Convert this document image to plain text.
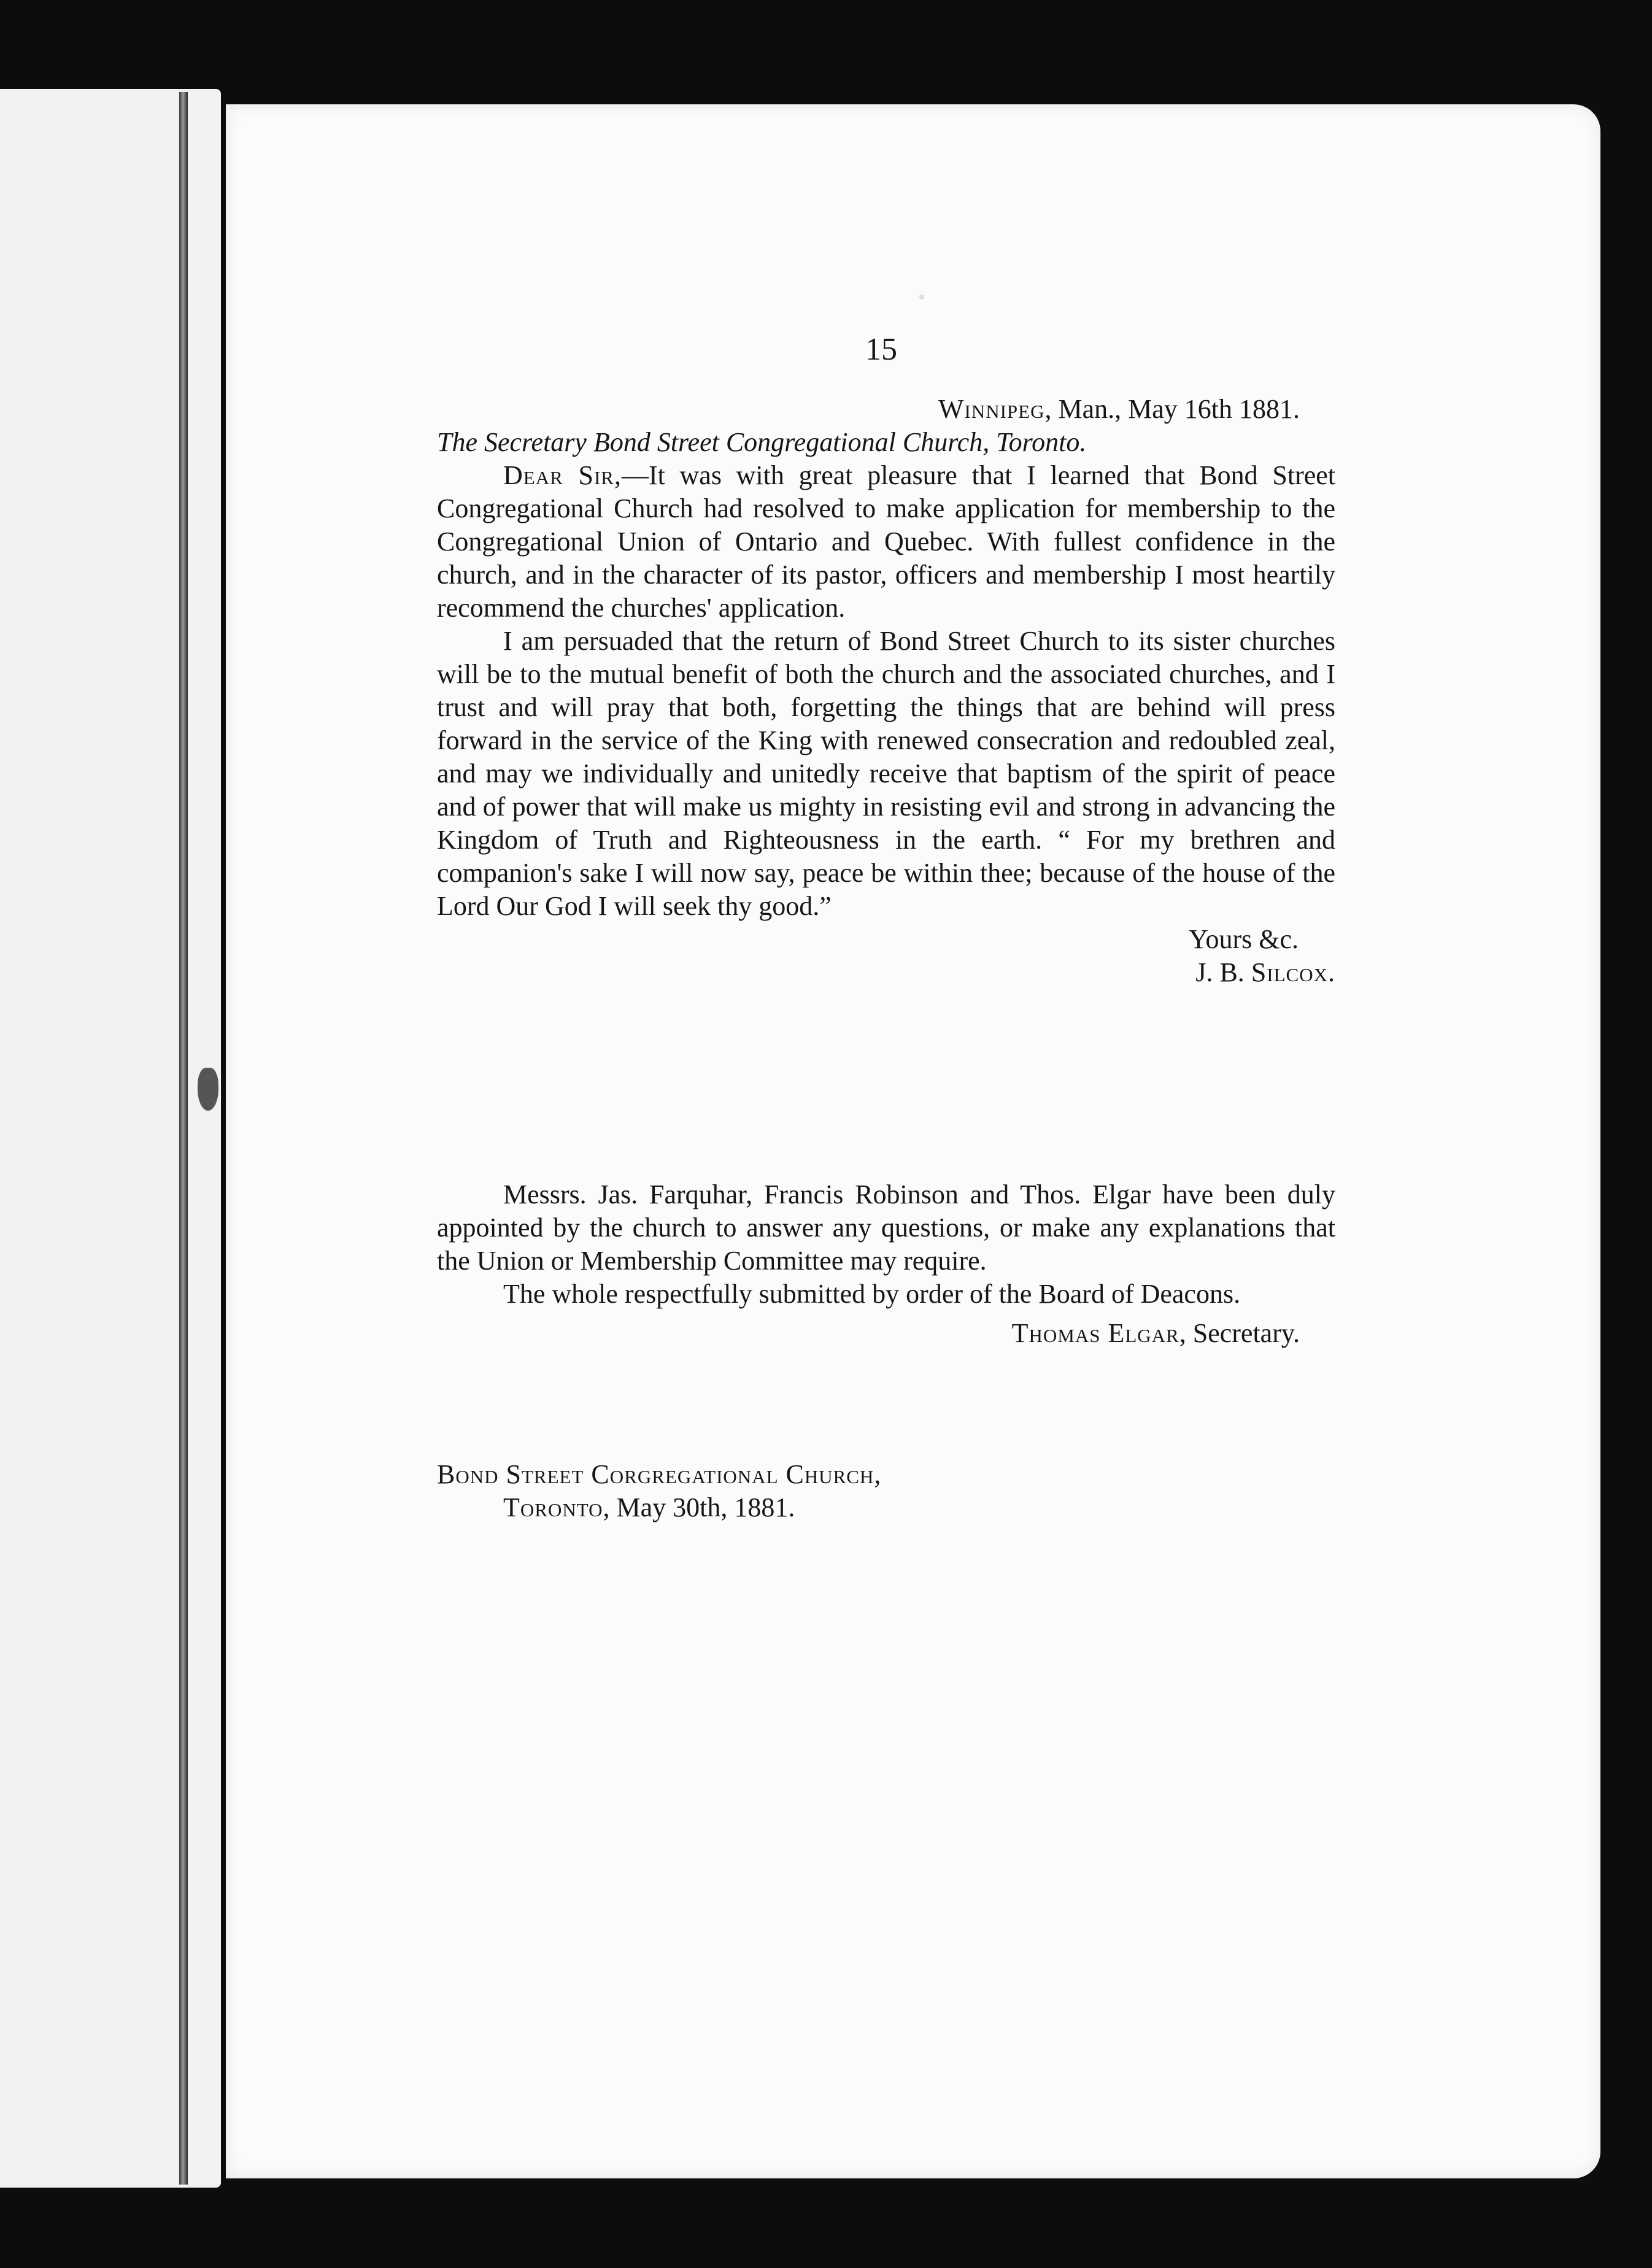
15
Winnipeg, Man., May 16th 1881.
The Secretary Bond Street Congregational Church, Toronto.

Dear Sir,—It was with great pleasure that I learned that Bond Street Congregational Church had resolved to make application for membership to the Congregational Union of Ontario and Quebec. With fullest confidence in the church, and in the character of its pastor, officers and membership I most heartily recommend the churches' application.

I am persuaded that the return of Bond Street Church to its sister churches will be to the mutual benefit of both the church and the associated churches, and I trust and will pray that both, forgetting the things that are behind will press forward in the service of the King with renewed consecration and redoubled zeal, and may we individually and unitedly receive that baptism of the spirit of peace and of power that will make us mighty in resisting evil and strong in advancing the Kingdom of Truth and Righteousness in the earth. “ For my brethren and companion's sake I will now say, peace be within thee; because of the house of the Lord Our God I will seek thy good.”

Yours &c.
J. B. Silcox.

Messrs. Jas. Farquhar, Francis Robinson and Thos. Elgar have been duly appointed by the church to answer any questions, or make any explanations that the Union or Membership Committee may require.

The whole respectfully submitted by order of the Board of Deacons.

Thomas Elgar, Secretary.
Bond Street Corgregational Church,
Toronto, May 30th, 1881.
